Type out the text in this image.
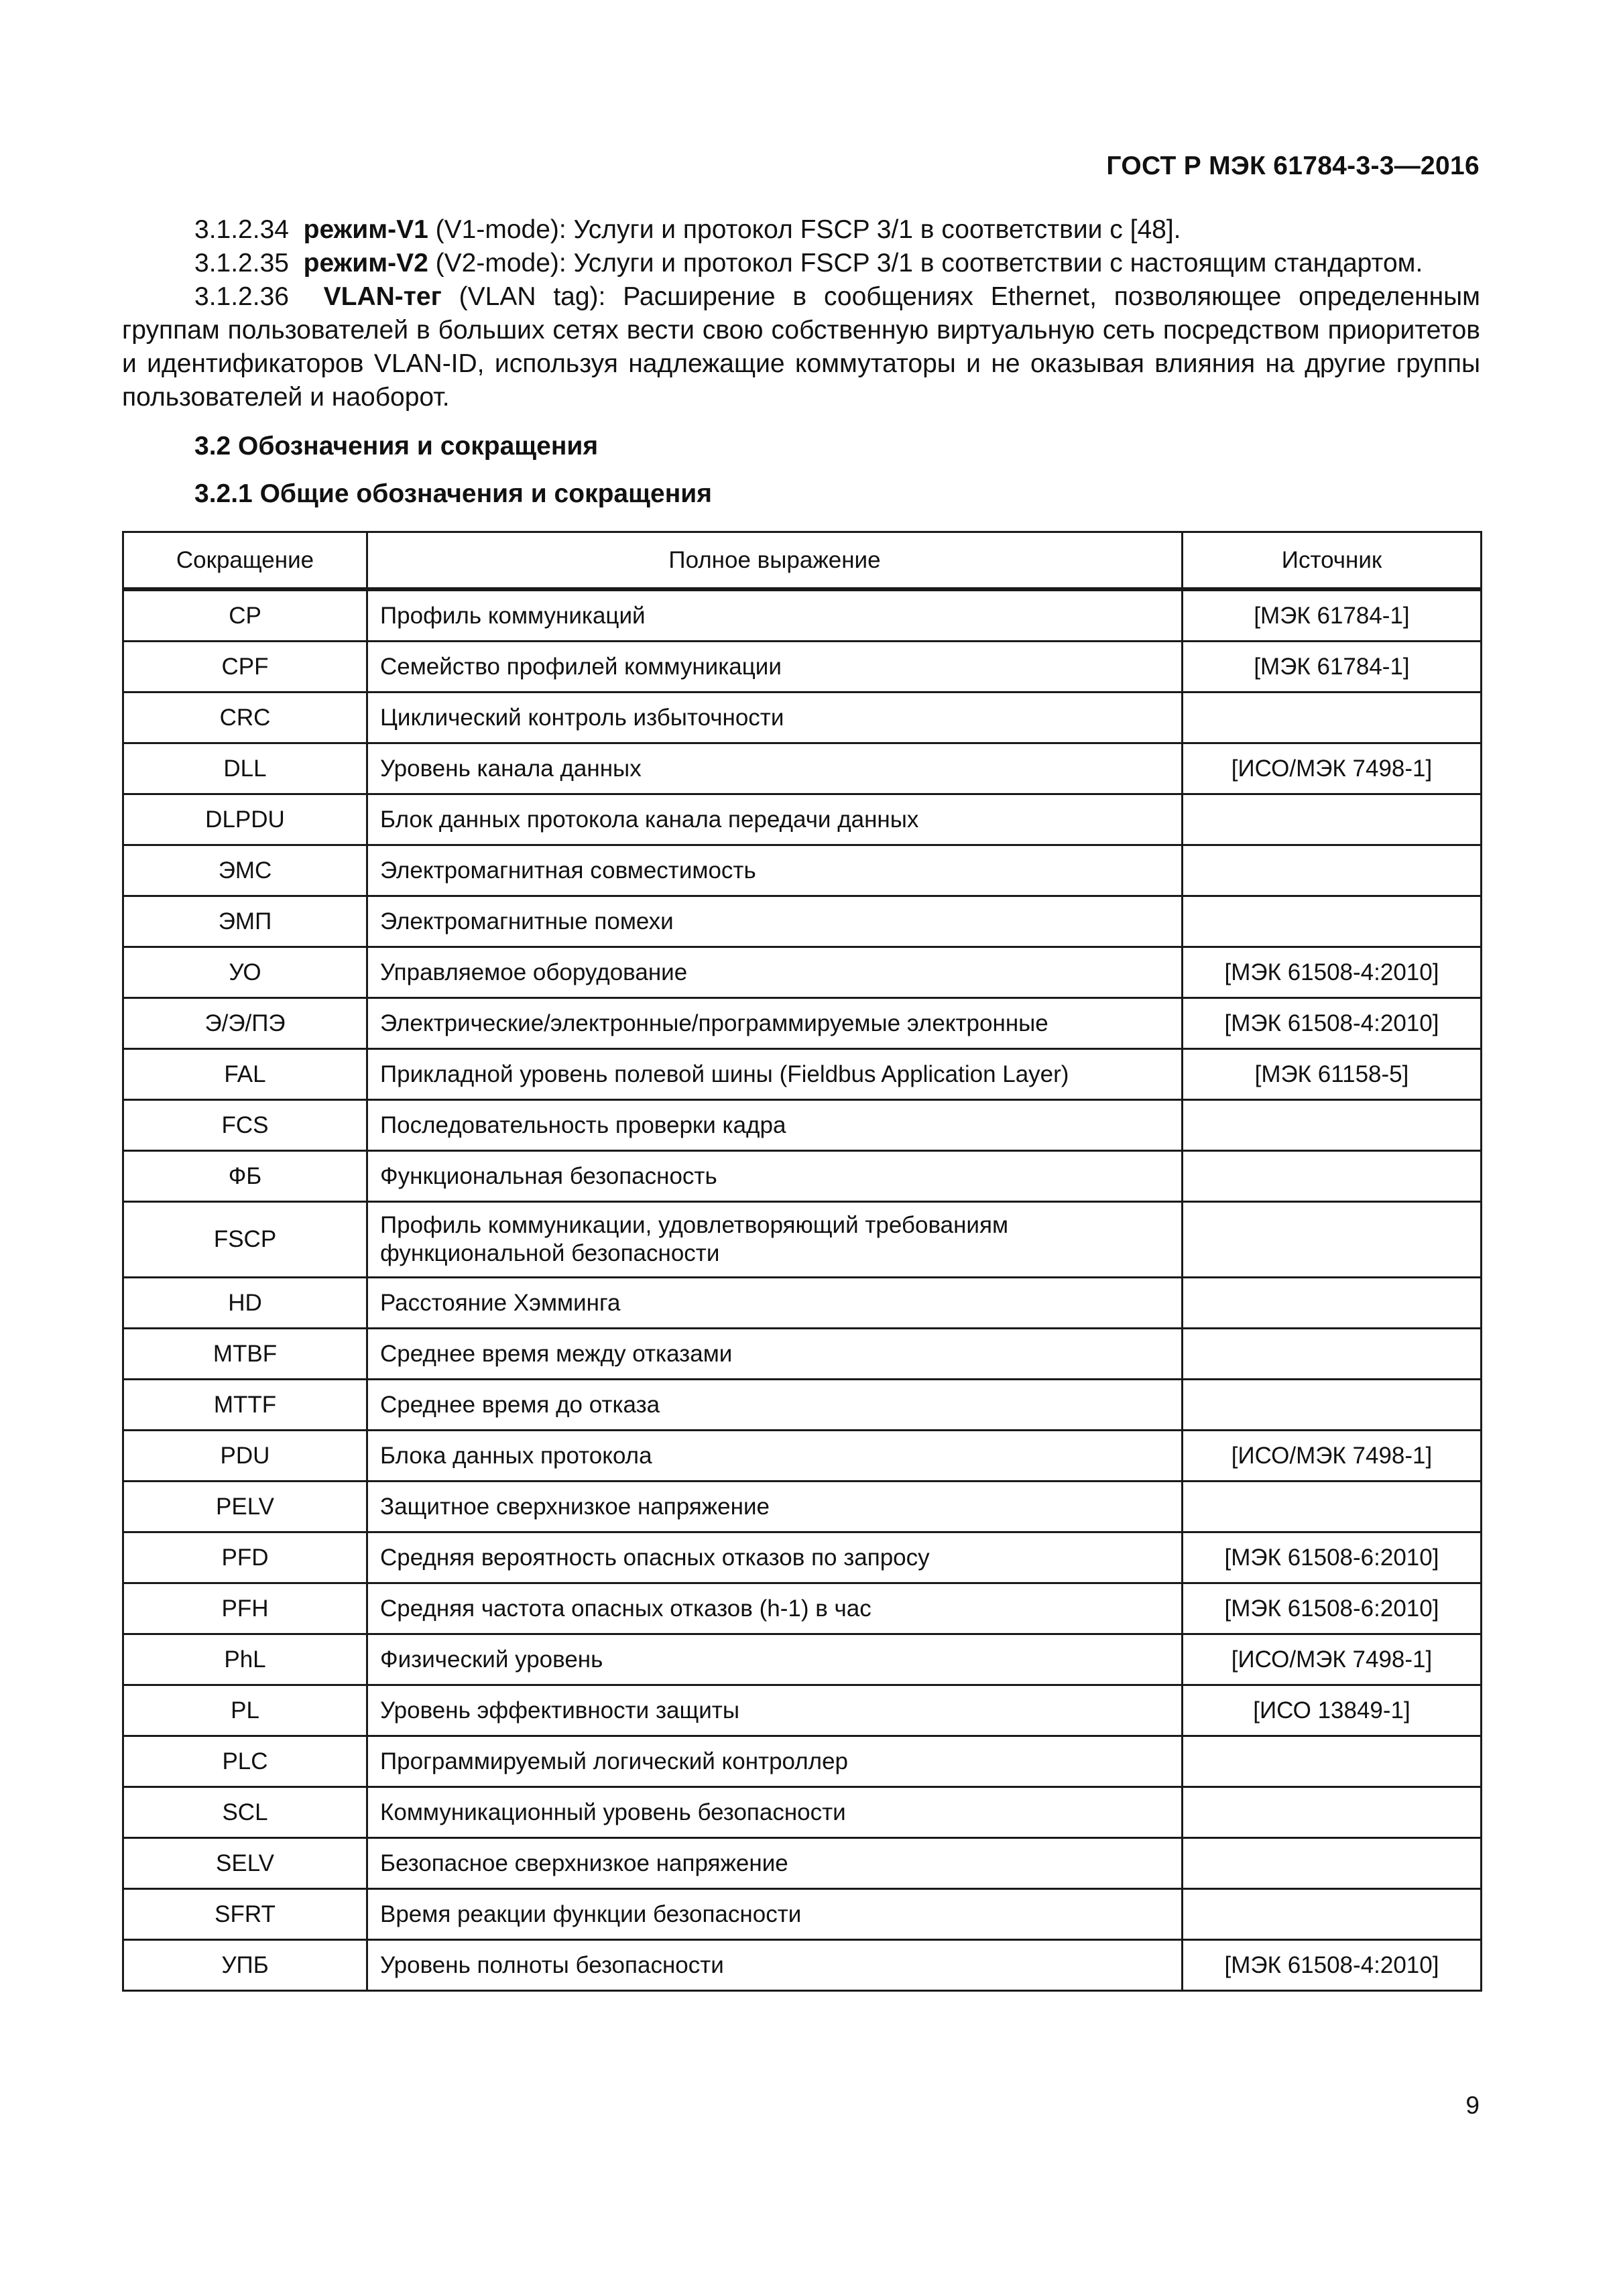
ГОСТ Р МЭК 61784-3-3—2016

3.1.2.34 режим-V1 (V1-mode): Услуги и протокол FSCP 3/1 в соответствии с [48].

3.1.2.35 режим-V2 (V2-mode): Услуги и протокол FSCP 3/1 в соответствии с настоящим стандартом.

3.1.2.36 VLAN-тег (VLAN tag): Расширение в сообщениях Ethernet, позволяющее определенным группам пользователей в больших сетях вести свою собственную виртуальную сеть посредством приоритетов и идентификаторов VLAN-ID, используя надлежащие коммутаторы и не оказывая влияния на другие группы пользователей и наоборот.

3.2 Обозначения и сокращения
3.2.1 Общие обозначения и сокращения
Сокращение	Полное выражение	Источник
CP	Профиль коммуникаций	[МЭК 61784-1]
CPF	Семейство профилей коммуникации	[МЭК 61784-1]
CRC	Циклический контроль избыточности	
DLL	Уровень канала данных	[ИСО/МЭК 7498-1]
DLPDU	Блок данных протокола канала передачи данных	
ЭМС	Электромагнитная совместимость	
ЭМП	Электромагнитные помехи	
УО	Управляемое оборудование	[МЭК 61508-4:2010]
Э/Э/ПЭ	Электрические/электронные/программируемые электронные	[МЭК 61508-4:2010]
FAL	Прикладной уровень полевой шины (Fieldbus Application Layer)	[МЭК 61158-5]
FCS	Последовательность проверки кадра	
ФБ	Функциональная безопасность	
FSCP	Профиль коммуникации, удовлетворяющий требованиям функциональной безопасности	
HD	Расстояние Хэмминга	
MTBF	Среднее время между отказами	
MTTF	Среднее время до отказа	
PDU	Блока данных протокола	[ИСО/МЭК 7498-1]
PELV	Защитное сверхнизкое напряжение	
PFD	Средняя вероятность опасных отказов по запросу	[МЭК 61508-6:2010]
PFH	Средняя частота опасных отказов (h-1) в час	[МЭК 61508-6:2010]
PhL	Физический уровень	[ИСО/МЭК 7498-1]
PL	Уровень эффективности защиты	[ИСО 13849-1]
PLC	Программируемый логический контроллер	
SCL	Коммуникационный уровень безопасности	
SELV	Безопасное сверхнизкое напряжение	
SFRT	Время реакции функции безопасности	
УПБ	Уровень полноты безопасности	[МЭК 61508-4:2010]
9
